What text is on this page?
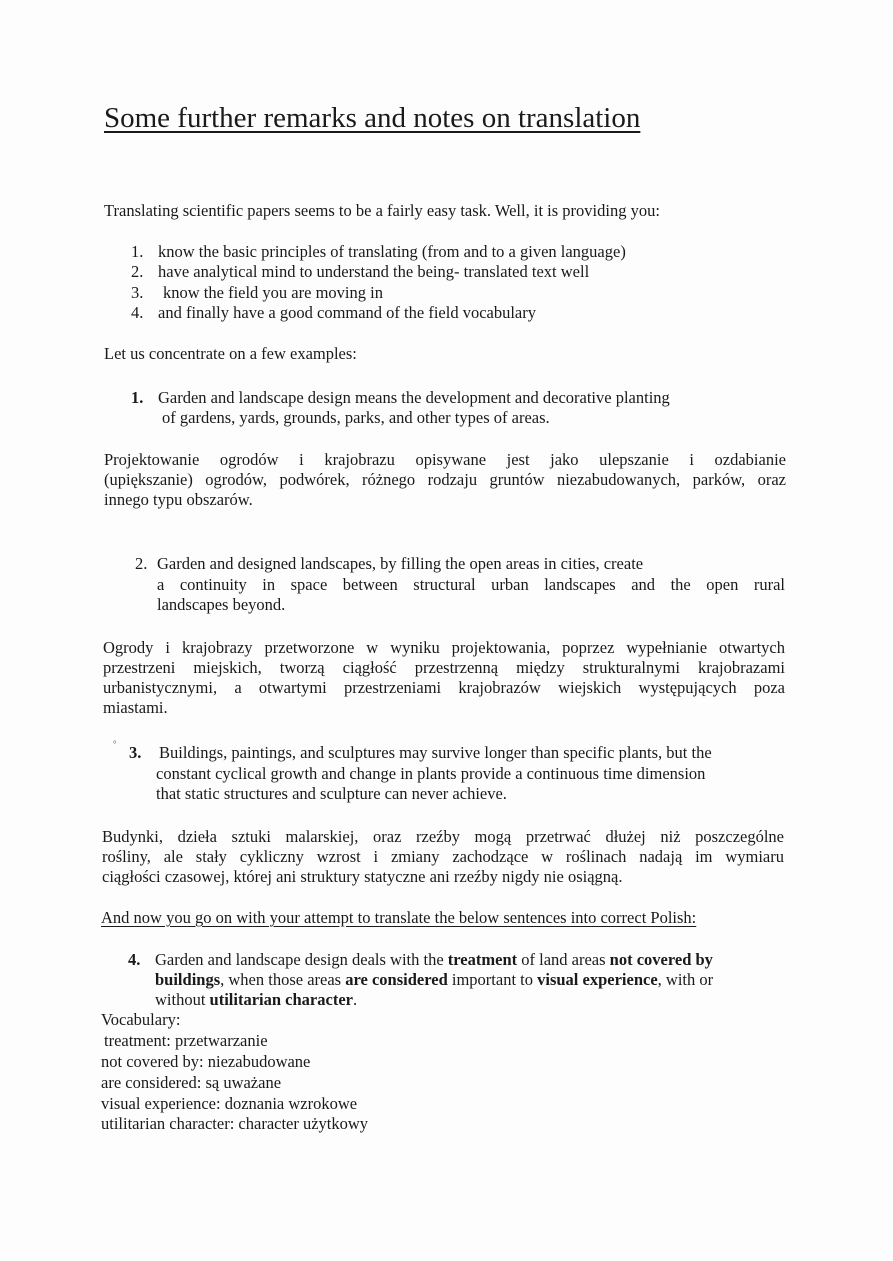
Some further remarks and notes on translation
Translating scientific papers seems to be a fairly easy task. Well, it is providing you:
1. know the basic principles of translating (from and to a given language)
2. have analytical mind to understand the being- translated text well
3. know the field you are moving in
4. and finally have a good command of the field vocabulary
Let us concentrate on a few examples:
1. Garden and landscape design means the development and decorative planting
of gardens, yards, grounds, parks, and other types of areas.
Projektowanie ogrodów i krajobrazu opisywane jest jako ulepszanie i ozdabianie
(upiększanie) ogrodów, podwórek, różnego rodzaju gruntów niezabudowanych, parków, oraz
innego typu obszarów.
2. Garden and designed landscapes, by filling the open areas in cities, create
a continuity in space between structural urban landscapes and the open rural
landscapes beyond.
Ogrody i krajobrazy przetworzone w wyniku projektowania, poprzez wypełnianie otwartych
przestrzeni miejskich, tworzą ciągłość przestrzenną między strukturalnymi krajobrazami
urbanistycznymi, a otwartymi przestrzeniami krajobrazów wiejskich występujących poza
miastami.
° 3. Buildings, paintings, and sculptures may survive longer than specific plants, but the
constant cyclical growth and change in plants provide a continuous time dimension
that static structures and sculpture can never achieve.
Budynki, dzieła sztuki malarskiej, oraz rzeźby mogą przetrwać dłużej niż poszczególne
rośliny, ale stały cykliczny wzrost i zmiany zachodzące w roślinach nadają im wymiaru
ciągłości czasowej, której ani struktury statyczne ani rzeźby nigdy nie osiągną.
And now you go on with your attempt to translate the below sentences into correct Polish:
4. Garden and landscape design deals with the treatment of land areas not covered by
buildings, when those areas are considered important to visual experience, with or
without utilitarian character.
Vocabulary:
treatment: przetwarzanie
not covered by: niezabudowane
are considered: są uważane
visual experience: doznania wzrokowe
utilitarian character: character użytkowy
